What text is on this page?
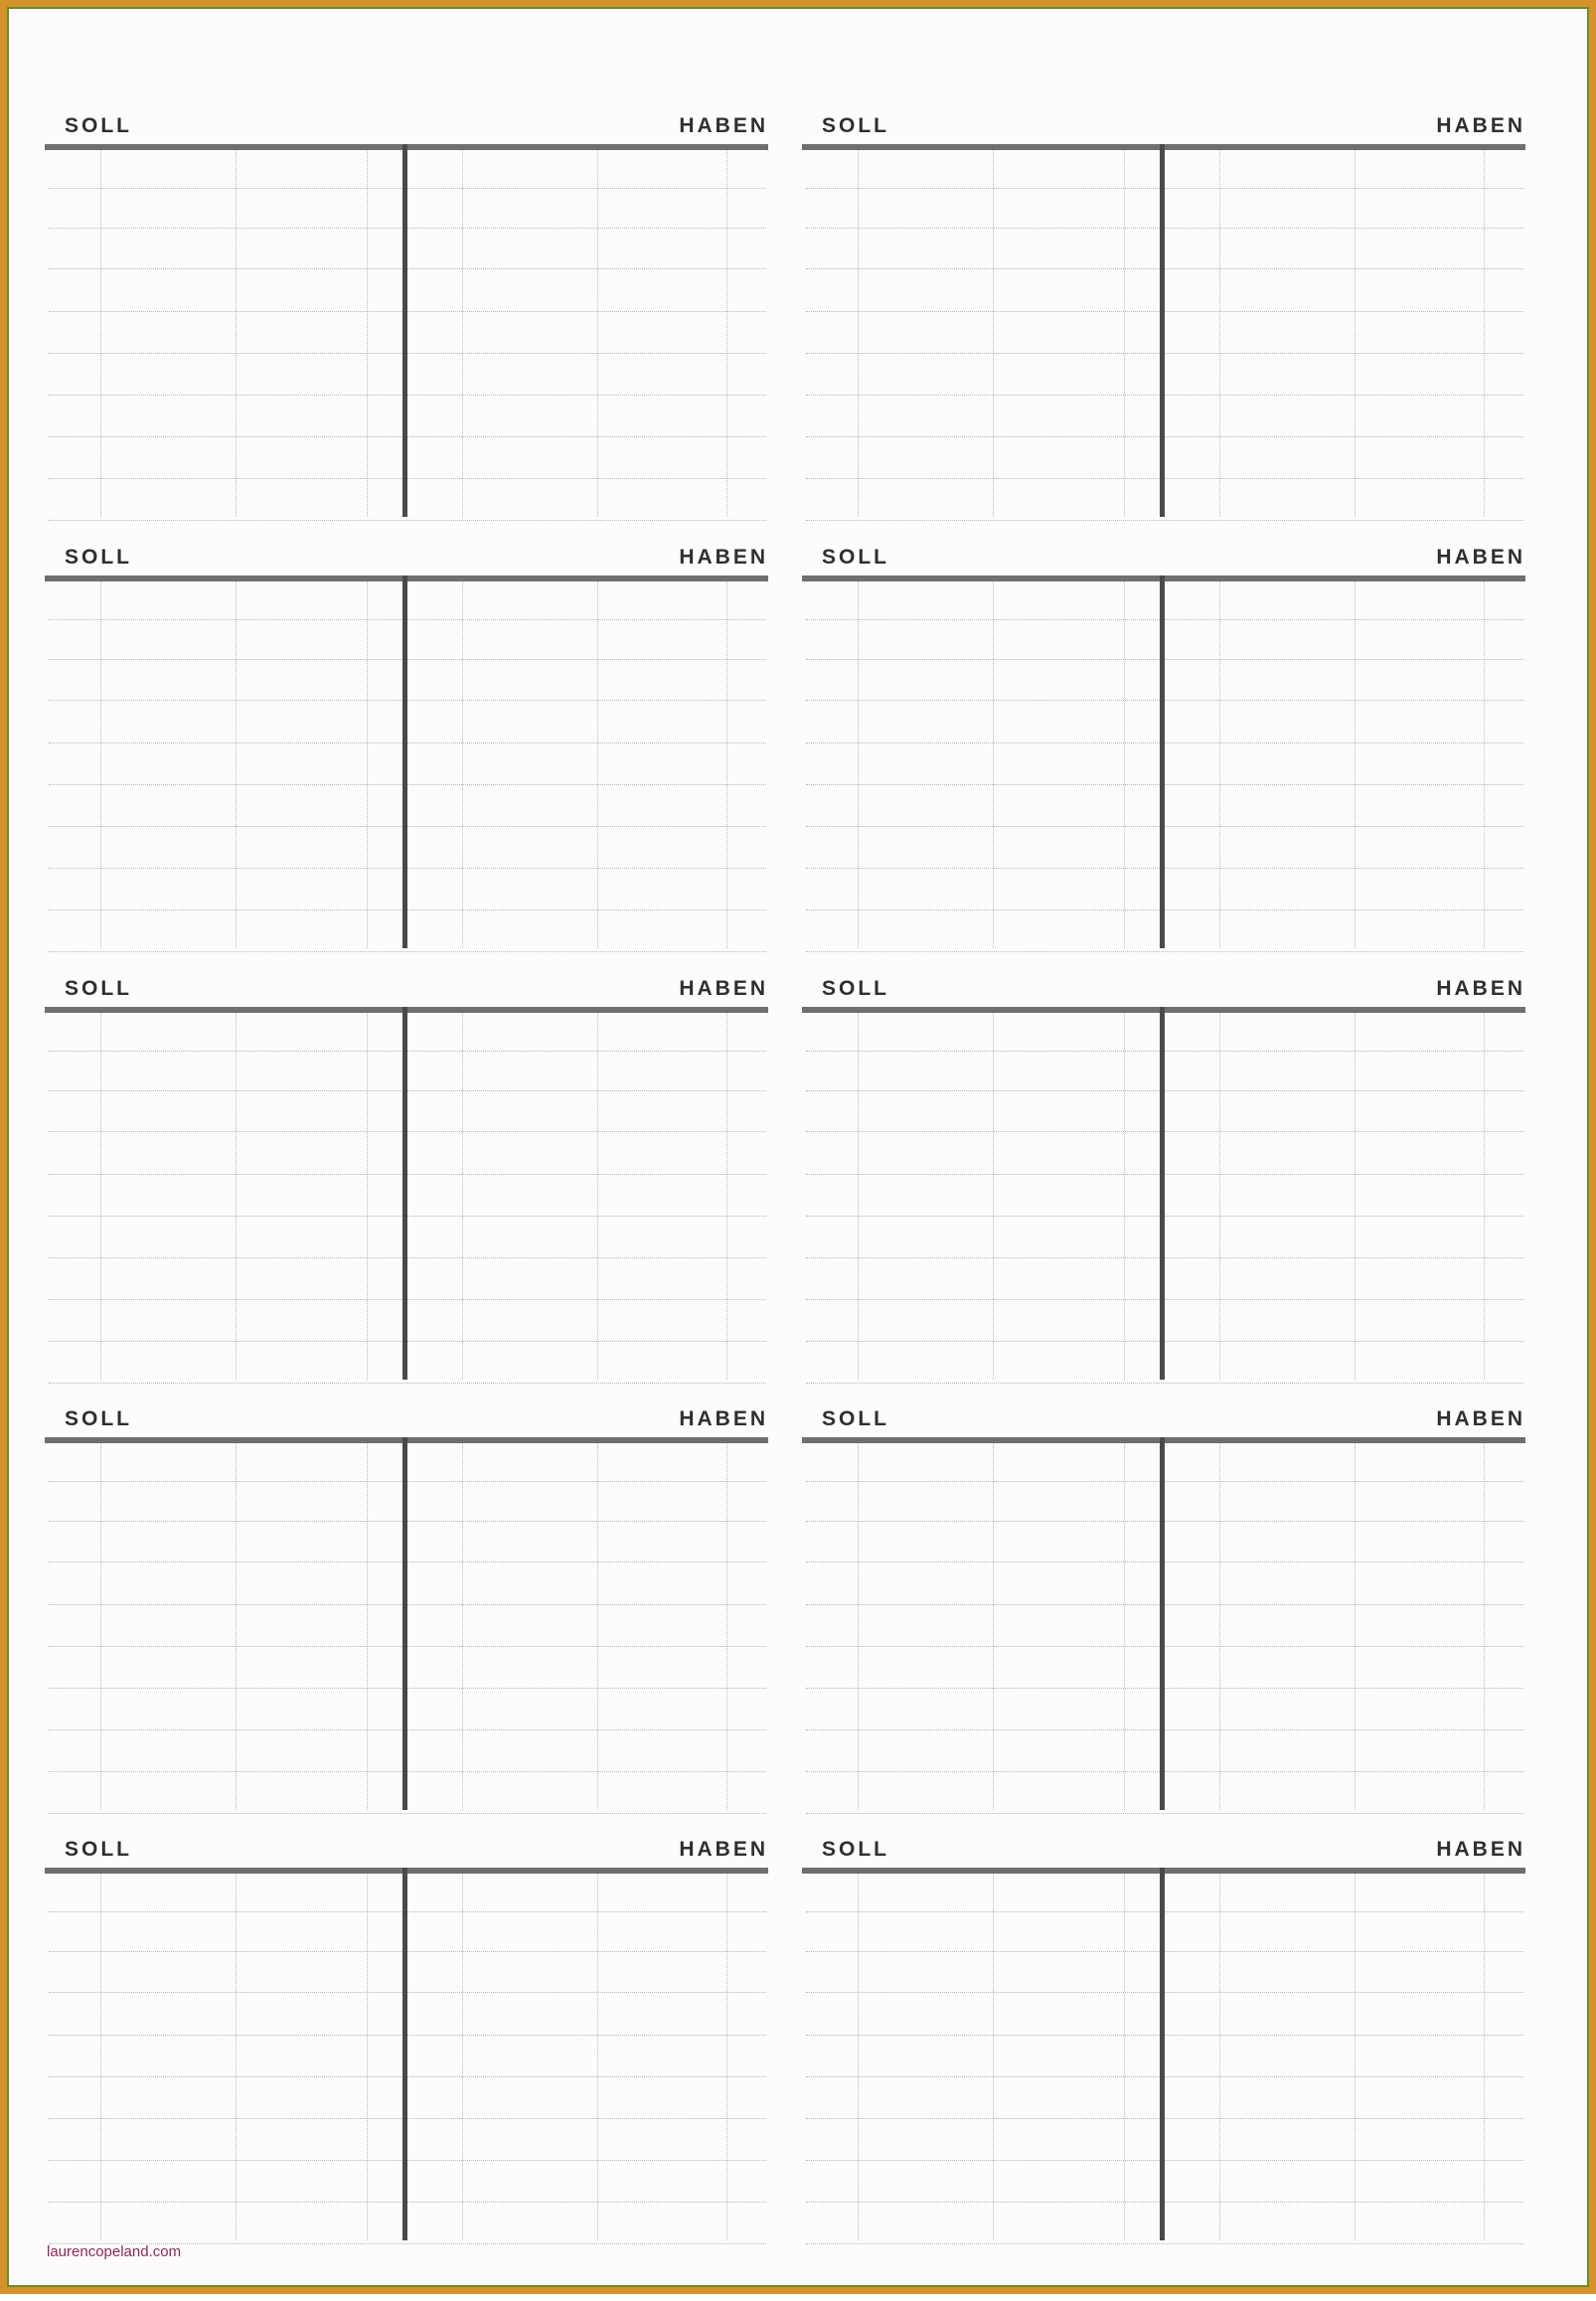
SOLL	HABEN	SOLL	HABEN
SOLL	HABEN	SOLL	HABEN
SOLL	HABEN	SOLL	HABEN
SOLL	HABEN	SOLL	HABEN
SOLL	HABEN	SOLL	HABEN
laurencopeland.com
